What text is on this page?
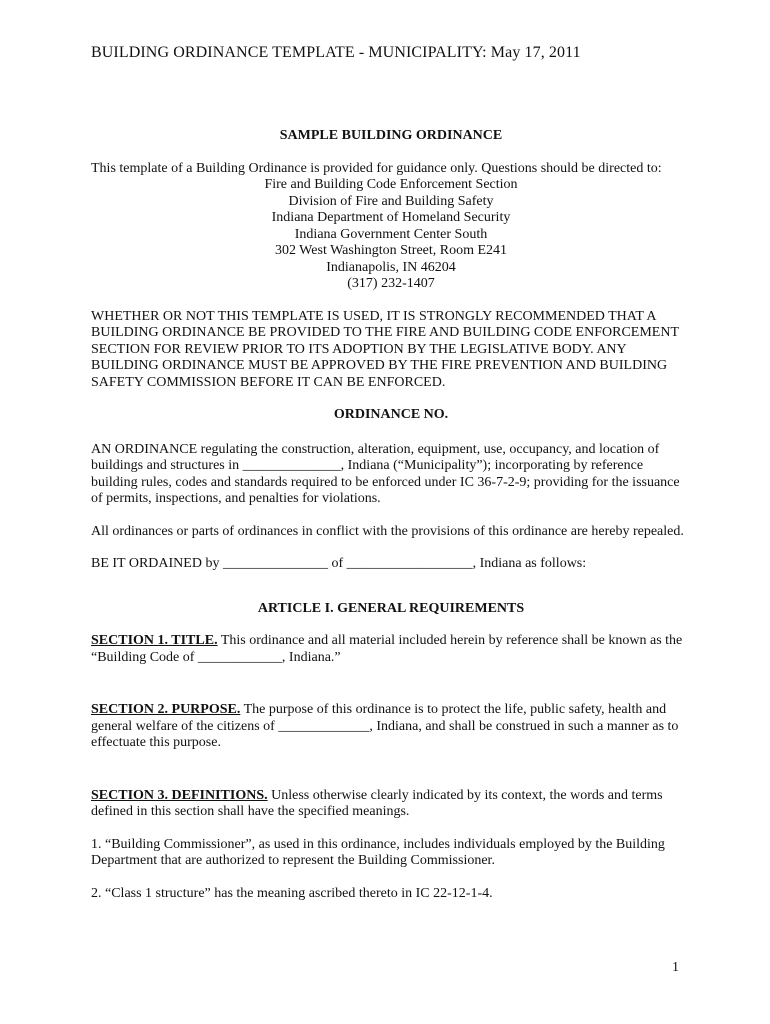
BUILDING ORDINANCE TEMPLATE - MUNICIPALITY: May 17, 2011

SAMPLE BUILDING ORDINANCE

This template of a Building Ordinance is provided for guidance only. Questions should be directed to:

Fire and Building Code Enforcement Section
Division of Fire and Building Safety
Indiana Department of Homeland Security
Indiana Government Center South
302 West Washington Street, Room E241
Indianapolis, IN 46204
(317) 232-1407

WHETHER OR NOT THIS TEMPLATE IS USED, IT IS STRONGLY RECOMMENDED THAT A BUILDING ORDINANCE BE PROVIDED TO THE FIRE AND BUILDING CODE ENFORCEMENT SECTION FOR REVIEW PRIOR TO ITS ADOPTION BY THE LEGISLATIVE BODY. ANY BUILDING ORDINANCE MUST BE APPROVED BY THE FIRE PREVENTION AND BUILDING SAFETY COMMISSION BEFORE IT CAN BE ENFORCED.

ORDINANCE NO.

AN ORDINANCE regulating the construction, alteration, equipment, use, occupancy, and location of buildings and structures in ______________, Indiana (“Municipality”); incorporating by reference building rules, codes and standards required to be enforced under IC 36-7-2-9; providing for the issuance of permits, inspections, and penalties for violations.

All ordinances or parts of ordinances in conflict with the provisions of this ordinance are hereby repealed.

BE IT ORDAINED by _______________ of __________________, Indiana as follows:

ARTICLE I. GENERAL REQUIREMENTS

SECTION 1. TITLE. This ordinance and all material included herein by reference shall be known as the “Building Code of ____________, Indiana.”

SECTION 2. PURPOSE. The purpose of this ordinance is to protect the life, public safety, health and general welfare of the citizens of _____________, Indiana, and shall be construed in such a manner as to effectuate this purpose.

SECTION 3. DEFINITIONS. Unless otherwise clearly indicated by its context, the words and terms defined in this section shall have the specified meanings.

1. “Building Commissioner”, as used in this ordinance, includes individuals employed by the Building Department that are authorized to represent the Building Commissioner.

2. “Class 1 structure” has the meaning ascribed thereto in IC 22-12-1-4.

1
